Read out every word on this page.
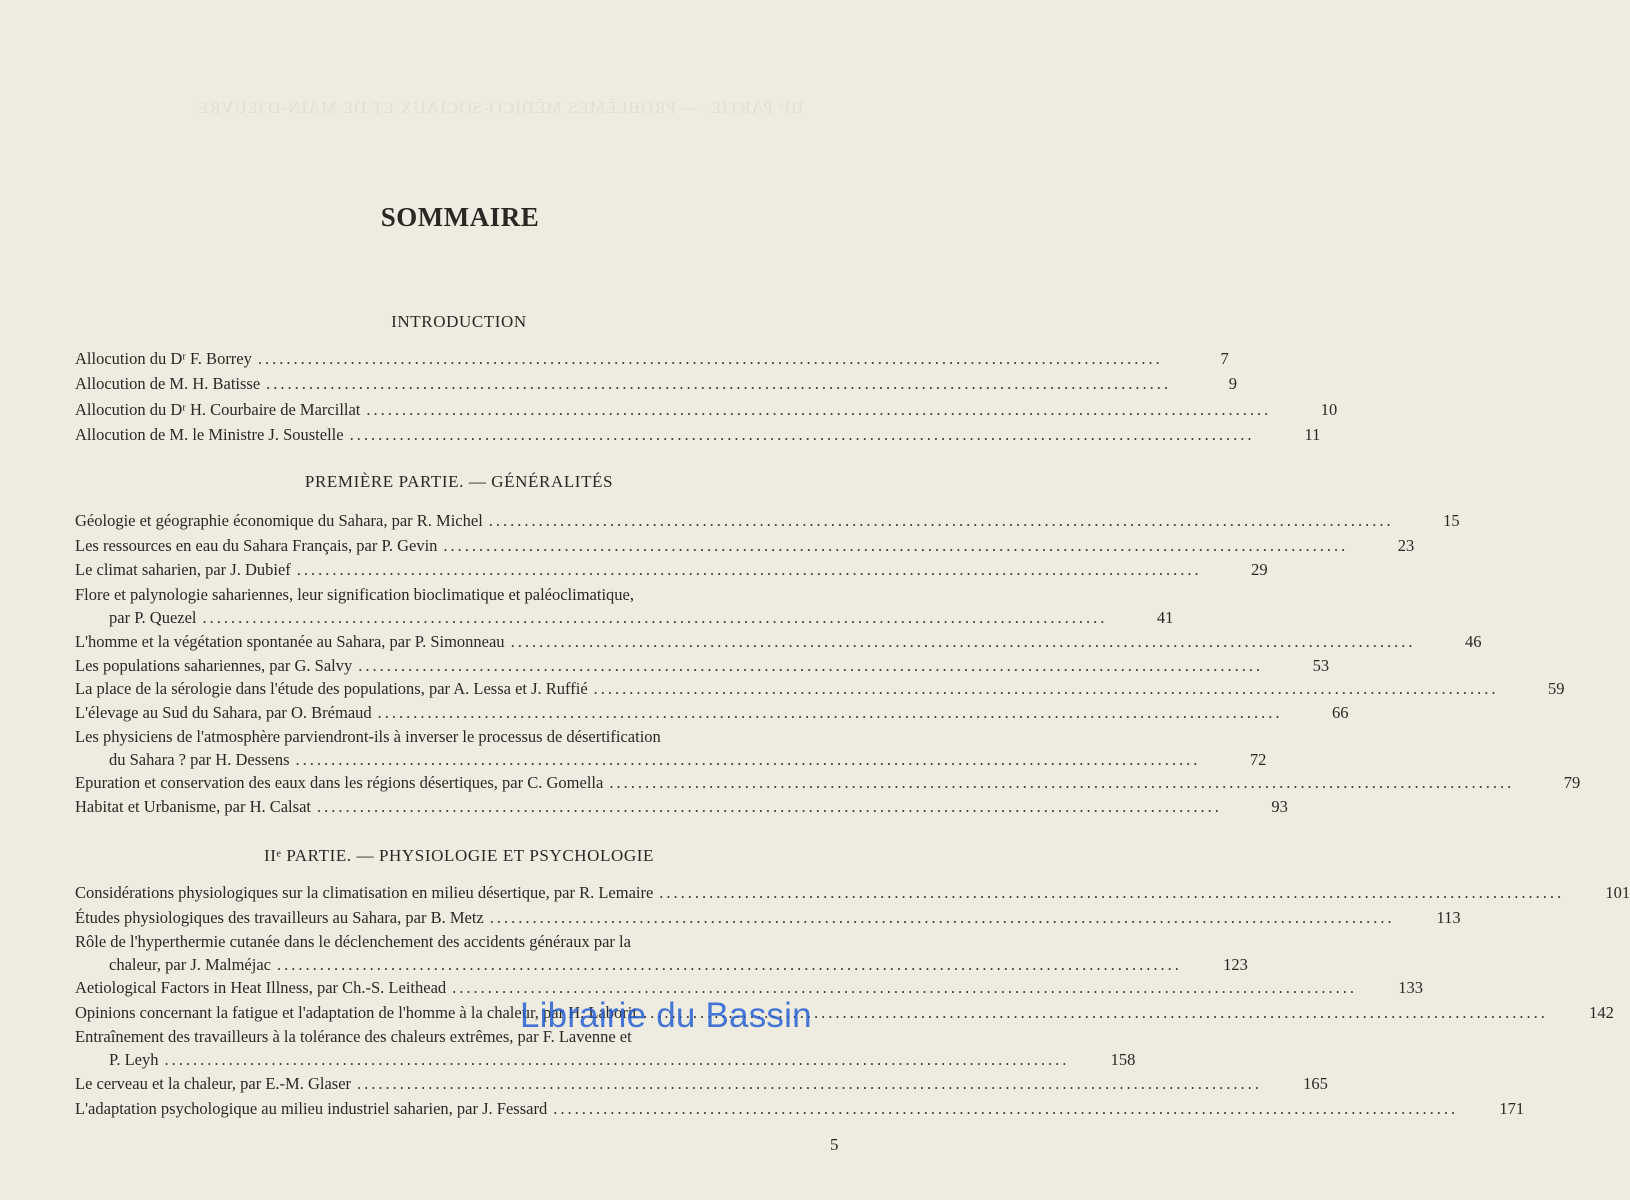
IIIᵉ PARTIE. — PROBLÈMES MÉDICO-SOCIAUX ET DE MAIN-D'ŒUVRE
SOMMAIRE
INTRODUCTION
Allocution du Dʳ F. Borrey ...............................................................................................................................	7
Allocution de M. H. Batisse ...............................................................................................................................	9
Allocution du Dʳ H. Courbaire de Marcillat ...............................................................................................................................	10
Allocution de M. le Ministre J. Soustelle ...............................................................................................................................	11
PREMIÈRE PARTIE. — GÉNÉRALITÉS
Géologie et géographie économique du Sahara, par R. Michel ...............................................................................................................................	15
Les ressources en eau du Sahara Français, par P. Gevin ...............................................................................................................................	23
Le climat saharien, par J. Dubief ...............................................................................................................................	29
Flore et palynologie sahariennes, leur signification bioclimatique et paléoclimatique,
par P. Quezel ...............................................................................................................................	41
L'homme et la végétation spontanée au Sahara, par P. Simonneau ...............................................................................................................................	46
Les populations sahariennes, par G. Salvy ...............................................................................................................................	53
La place de la sérologie dans l'étude des populations, par A. Lessa et J. Ruffié ...............................................................................................................................	59
L'élevage au Sud du Sahara, par O. Brémaud ...............................................................................................................................	66
Les physiciens de l'atmosphère parviendront-ils à inverser le processus de désertification
du Sahara ? par H. Dessens ...............................................................................................................................	72
Epuration et conservation des eaux dans les régions désertiques, par C. Gomella ...............................................................................................................................	79
Habitat et Urbanisme, par H. Calsat ...............................................................................................................................	93
IIᵉ PARTIE. — PHYSIOLOGIE ET PSYCHOLOGIE
Considérations physiologiques sur la climatisation en milieu désertique, par R. Lemaire ...............................................................................................................................	101
Études physiologiques des travailleurs au Sahara, par B. Metz ...............................................................................................................................	113
Rôle de l'hyperthermie cutanée dans le déclenchement des accidents généraux par la
chaleur, par J. Malméjac ...............................................................................................................................	123
Aetiological Factors in Heat Illness, par Ch.-S. Leithead ...............................................................................................................................	133
Opinions concernant la fatigue et l'adaptation de l'homme à la chaleur, par H. Laborit ...............................................................................................................................	142
Entraînement des travailleurs à la tolérance des chaleurs extrêmes, par F. Lavenne et
P. Leyh ...............................................................................................................................	158
Le cerveau et la chaleur, par E.-M. Glaser ...............................................................................................................................	165
L'adaptation psychologique au milieu industriel saharien, par J. Fessard ...............................................................................................................................	171
5
Librairie du Bassin
